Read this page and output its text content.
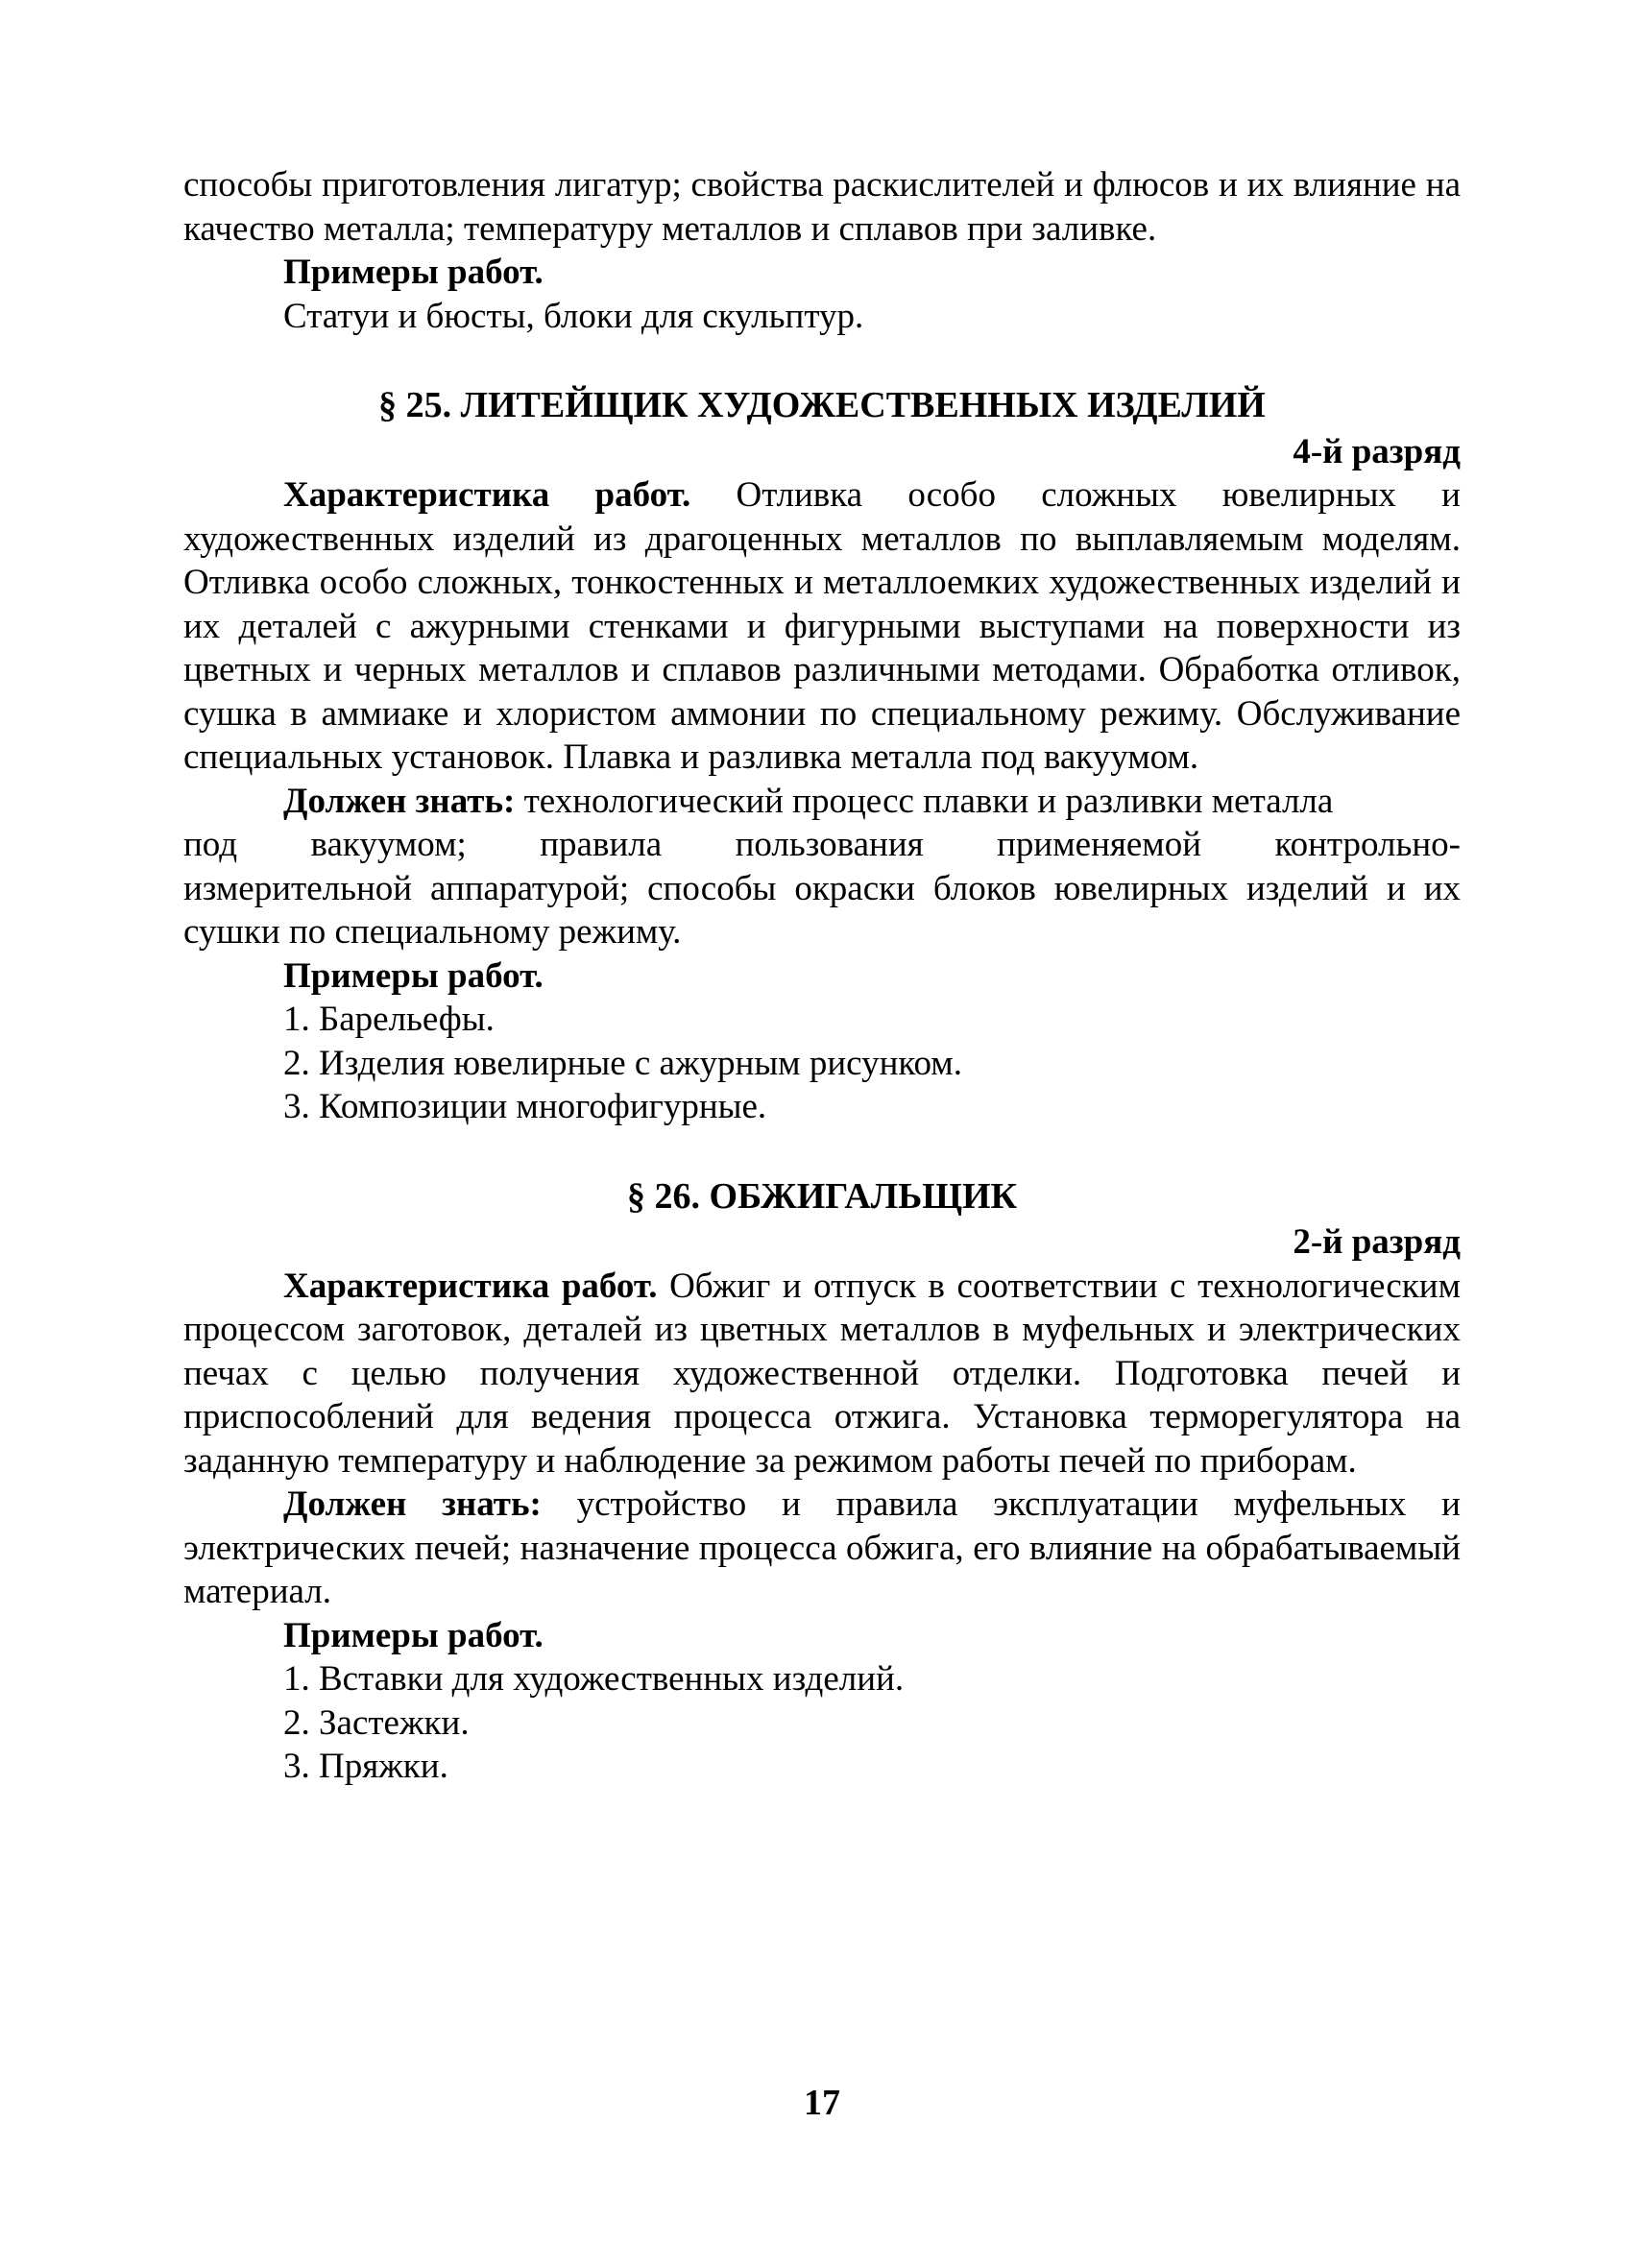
способы приготовления лигатур; свойства раскислителей и флюсов и их влияние на качество металла; температуру металлов и сплавов при заливке.

Примеры работ.

Статуи и бюсты, блоки для скульптур.

§ 25. ЛИТЕЙЩИК ХУДОЖЕСТВЕННЫХ ИЗДЕЛИЙ

4-й разряд

Характеристика работ. Отливка особо сложных ювелирных и художественных изделий из драгоценных металлов по выплавляемым моделям. Отливка особо сложных, тонкостенных и металлоемких художественных изделий и их деталей с ажурными стенками и фигурными выступами на поверхности из цветных и черных металлов и сплавов различными методами. Обработка отливок, сушка в аммиаке и хлористом аммонии по специальному режиму. Обслуживание специальных установок. Плавка и разливка металла под вакуумом.

Должен знать: технологический процесс плавки и разливки металла

под вакуумом; правила пользования применяемой контрольно-

измерительной аппаратурой; способы окраски блоков ювелирных изделий и их сушки по специальному режиму.

Примеры работ.

1. Барельефы.

2. Изделия ювелирные с ажурным рисунком.

3. Композиции многофигурные.

§ 26. ОБЖИГАЛЬЩИК

2-й разряд

Характеристика работ. Обжиг и отпуск в соответствии с технологическим процессом заготовок, деталей из цветных металлов в муфельных и электрических печах с целью получения художественной отделки. Подготовка печей и приспособлений для ведения процесса отжига. Установка терморегулятора на заданную температуру и наблюдение за режимом работы печей по приборам.

Должен знать: устройство и правила эксплуатации муфельных и электрических печей; назначение процесса обжига, его влияние на обрабатываемый материал.

Примеры работ.

1. Вставки для художественных изделий.

2. Застежки.

3. Пряжки.

17
